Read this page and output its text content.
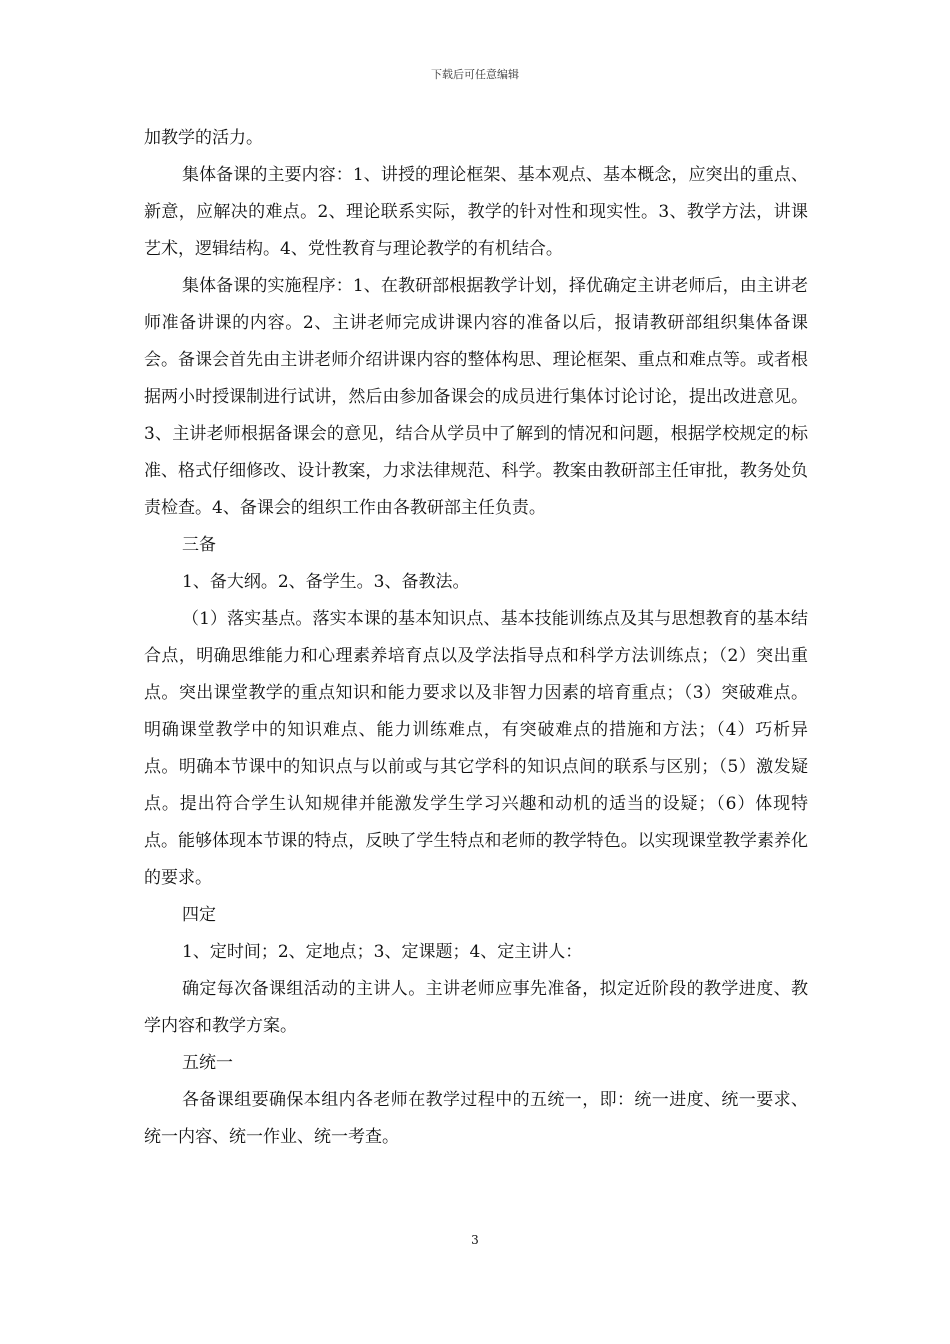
下载后可任意编辑

加教学的活力。

集体备课的主要内容：1、讲授的理论框架、基本观点、基本概念，应突出的重点、新意，应解决的难点。2、理论联系实际，教学的针对性和现实性。3、教学方法，讲课艺术，逻辑结构。4、党性教育与理论教学的有机结合。

集体备课的实施程序：1、在教研部根据教学计划，择优确定主讲老师后，由主讲老师准备讲课的内容。2、主讲老师完成讲课内容的准备以后，报请教研部组织集体备课会。备课会首先由主讲老师介绍讲课内容的整体构思、理论框架、重点和难点等。或者根据两小时授课制进行试讲，然后由参加备课会的成员进行集体讨论讨论，提出改进意见。3、主讲老师根据备课会的意见，结合从学员中了解到的情况和问题，根据学校规定的标准、格式仔细修改、设计教案，力求法律规范、科学。教案由教研部主任审批，教务处负责检查。4、备课会的组织工作由各教研部主任负责。

三备

1、备大纲。2、备学生。3、备教法。

（1）落实基点。落实本课的基本知识点、基本技能训练点及其与思想教育的基本结合点，明确思维能力和心理素养培育点以及学法指导点和科学方法训练点；（2）突出重点。突出课堂教学的重点知识和能力要求以及非智力因素的培育重点；（3）突破难点。明确课堂教学中的知识难点、能力训练难点，有突破难点的措施和方法；（4）巧析异点。明确本节课中的知识点与以前或与其它学科的知识点间的联系与区别；（5）激发疑点。提出符合学生认知规律并能激发学生学习兴趣和动机的适当的设疑；（6）体现特点。能够体现本节课的特点，反映了学生特点和老师的教学特色。以实现课堂教学素养化的要求。

四定

1、定时间；2、定地点；3、定课题；4、定主讲人：

确定每次备课组活动的主讲人。主讲老师应事先准备，拟定近阶段的教学进度、教学内容和教学方案。

五统一

各备课组要确保本组内各老师在教学过程中的五统一，即：统一进度、统一要求、统一内容、统一作业、统一考查。

3
